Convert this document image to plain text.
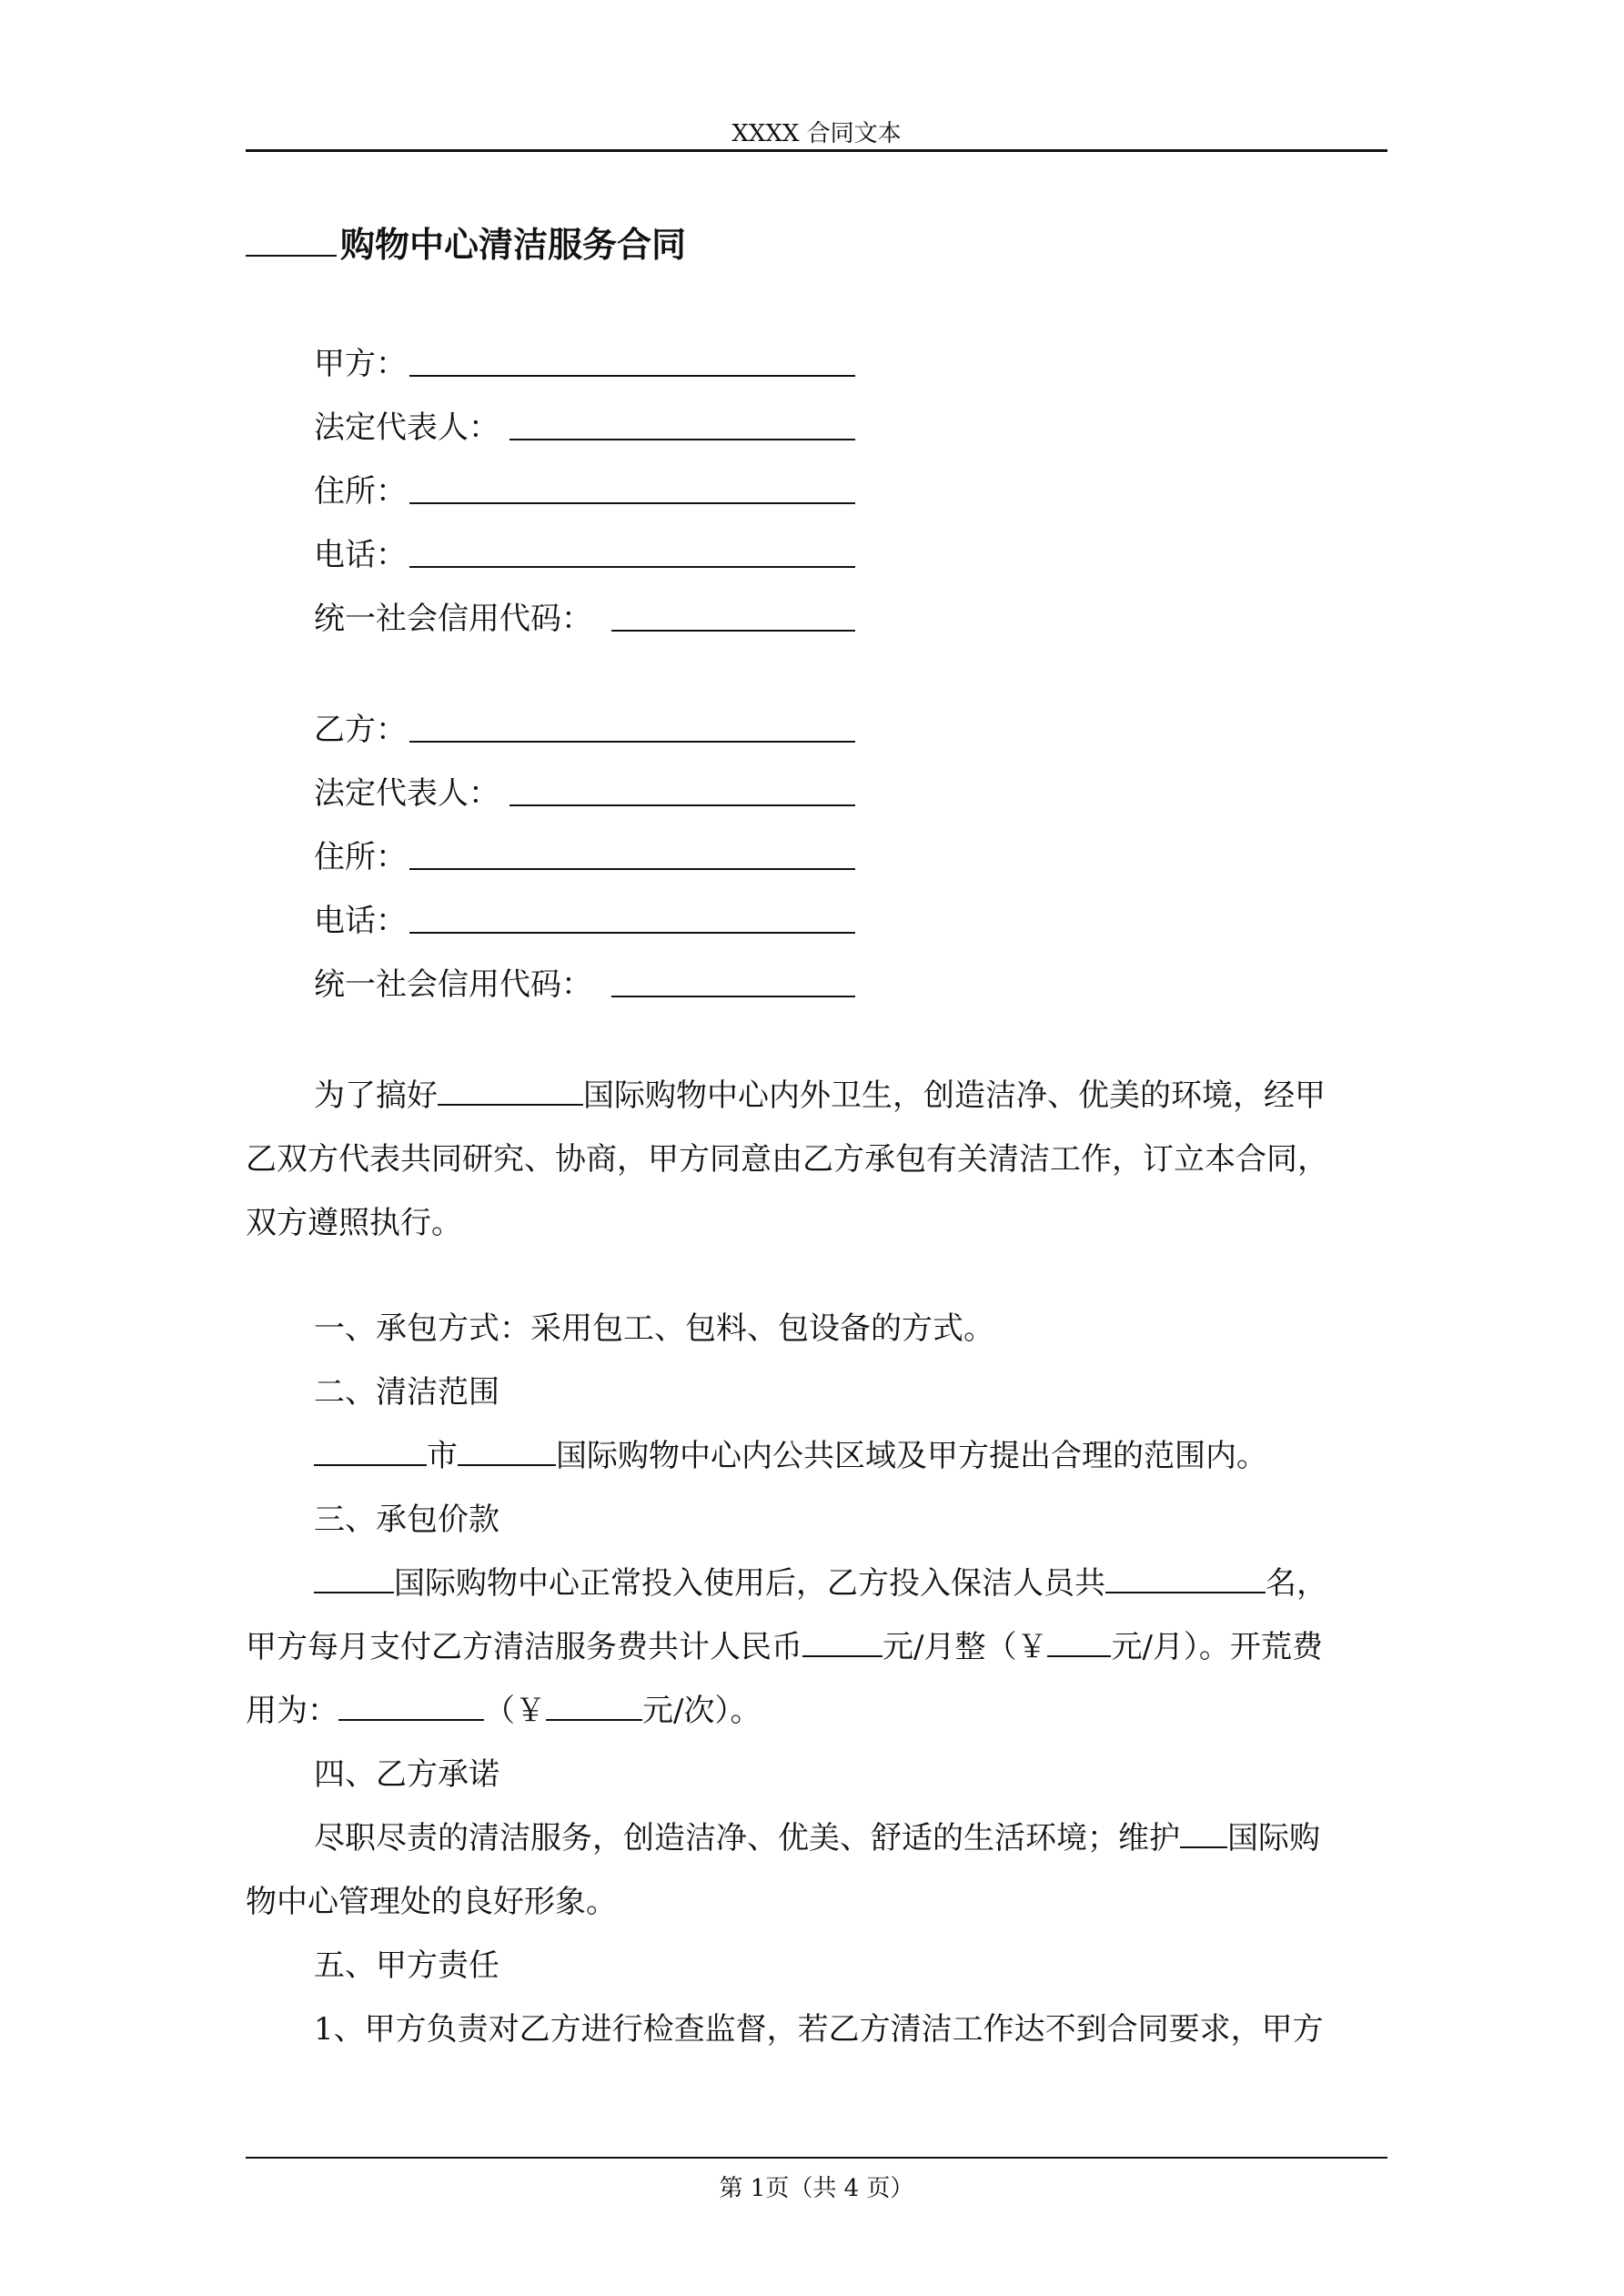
XXXX 合同文本
购物中心清洁服务合同
甲方：
法定代表人：
住所：
电话：
统一社会信用代码：
乙方：
法定代表人：
住所：
电话：
统一社会信用代码：
为了搞好	国际购物中心内外卫生，创造洁净、优美的环境，经甲
乙双方代表共同研究、协商，甲方同意由乙方承包有关清洁工作，订立本合同，
双方遵照执行。
一、承包方式：采用包工、包料、包设备的方式。
二、清洁范围
市	国际购物中心内公共区域及甲方提出合理的范围内。
三、承包价款
国际购物中心正常投入使用后，乙方投入保洁人员共	名，
甲方每月支付乙方清洁服务费共计人民币	元/月整（￥ 元/月）。开荒费
用为：	（￥	元/次）。
四、乙方承诺
尽职尽责的清洁服务，创造洁净、优美、舒适的生活环境；维护 国际购
物中心管理处的良好形象。
五、甲方责任
1、甲方负责对乙方进行检查监督，若乙方清洁工作达不到合同要求，甲方
第 1页（共 4 页）
